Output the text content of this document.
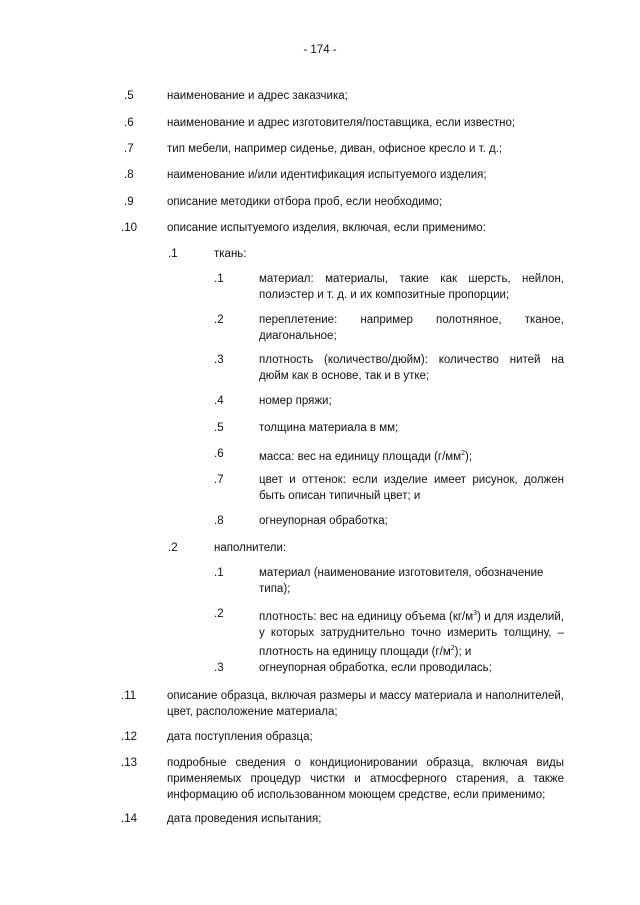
- 174 -
.5	наименование и адрес заказчика;
.6	наименование и адрес изготовителя/поставщика, если известно;
.7	тип мебели, например сиденье, диван, офисное кресло и т. д.;
.8	наименование и/или идентификация испытуемого изделия;
.9	описание методики отбора проб, если необходимо;
.10	описание испытуемого изделия, включая, если применимо:
.1	ткань:
.1	материал: материалы, такие как шерсть, нейлон, полиэстер и т. д. и их композитные пропорции;
.2	переплетение: например полотняное, тканое, диагональное;
.3	плотность (количество/дюйм): количество нитей на дюйм как в основе, так и в утке;
.4	номер пряжи;
.5	толщина материала в мм;
.6	масса: вес на единицу площади $(г/мм^2)$;
.7	цвет и оттенок: если изделие имеет рисунок, должен быть описан типичный цвет; и
.8	огнеупорная обработка;
.2	наполнители:
.1	материал (наименование изготовителя, обозначение типа);
.2	плотность: вес на единицу объема $(кг/м^3)$ и для изделий, у которых затруднительно точно измерить толщину, – плотность на единицу площади $(г/м^2)$; и
.3	огнеупорная обработка, если проводилась;
.11	описание образца, включая размеры и массу материала и наполнителей, цвет, расположение материала;
.12	дата поступления образца;
.13	подробные сведения о кондиционировании образца, включая виды применяемых процедур чистки и атмосферного старения, а также информацию об использованном моющем средстве, если применимо;
.14	дата проведения испытания;
